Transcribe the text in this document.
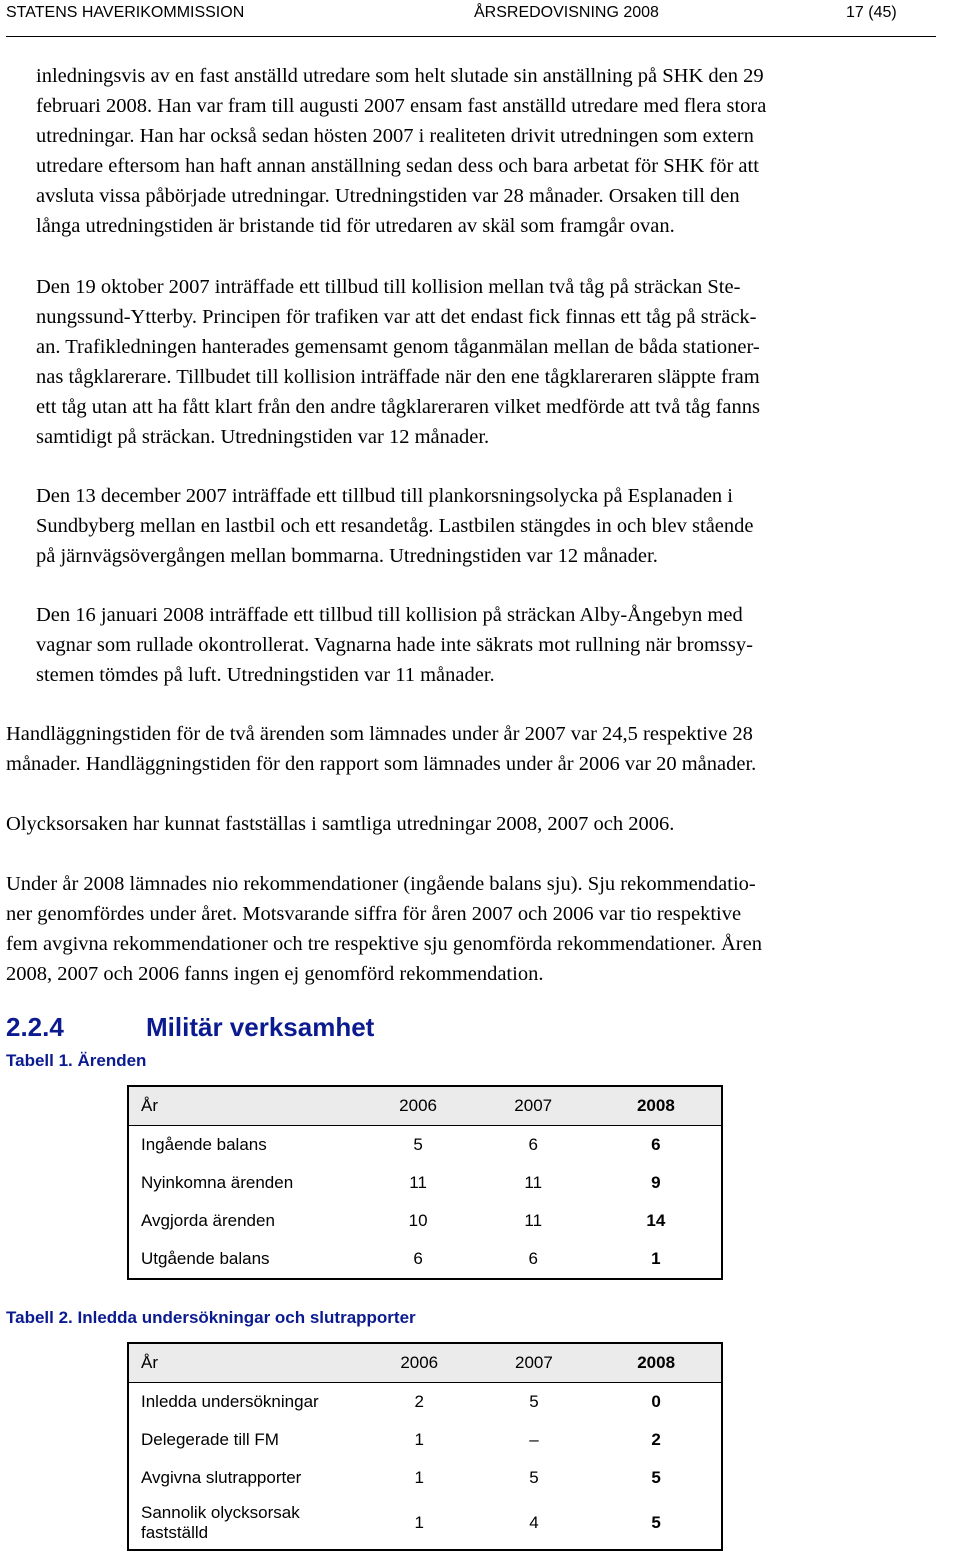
STATENS HAVERIKOMMISSION	ÅRSREDOVISNING 2008	17 (45)
inledningsvis av en fast anställd utredare som helt slutade sin anställning på SHK den 29
februari 2008. Han var fram till augusti 2007 ensam fast anställd utredare med flera stora
utredningar. Han har också sedan hösten 2007 i realiteten drivit utredningen som extern
utredare eftersom han haft annan anställning sedan dess och bara arbetat för SHK för att
avsluta vissa påbörjade utredningar. Utredningstiden var 28 månader. Orsaken till den
långa utredningstiden är bristande tid för utredaren av skäl som framgår ovan.
Den 19 oktober 2007 inträffade ett tillbud till kollision mellan två tåg på sträckan Ste-
nungssund-Ytterby. Principen för trafiken var att det endast fick finnas ett tåg på sträck-
an. Trafikledningen hanterades gemensamt genom tåganmälan mellan de båda stationer-
nas tågklarerare. Tillbudet till kollision inträffade när den ene tågklareraren släppte fram
ett tåg utan att ha fått klart från den andre tågklareraren vilket medförde att två tåg fanns
samtidigt på sträckan. Utredningstiden var 12 månader.
Den 13 december 2007 inträffade ett tillbud till plankorsningsolycka på Esplanaden i
Sundbyberg mellan en lastbil och ett resandetåg. Lastbilen stängdes in och blev stående
på järnvägsövergången mellan bommarna. Utredningstiden var 12 månader.
Den 16 januari 2008 inträffade ett tillbud till kollision på sträckan Alby-Ångebyn med
vagnar som rullade okontrollerat. Vagnarna hade inte säkrats mot rullning när bromssy-
stemen tömdes på luft. Utredningstiden var 11 månader.
Handläggningstiden för de två ärenden som lämnades under år 2007 var 24,5 respektive 28
månader. Handläggningstiden för den rapport som lämnades under år 2006 var 20 månader.
Olycksorsaken har kunnat fastställas i samtliga utredningar 2008, 2007 och 2006.
Under år 2008 lämnades nio rekommendationer (ingående balans sju). Sju rekommendatio-
ner genomfördes under året. Motsvarande siffra för åren 2007 och 2006 var tio respektive
fem avgivna rekommendationer och tre respektive sju genomförda rekommendationer. Åren
2008, 2007 och 2006 fanns ingen ej genomförd rekommendation.
2.2.4	Militär verksamhet
Tabell 1. Ärenden
År	2006	2007	2008
Ingående balans	5	6	6
Nyinkomna ärenden	11	11	9
Avgjorda ärenden	10	11	14
Utgående balans	6	6	1
Tabell 2. Inledda undersökningar och slutrapporter
År	2006	2007	2008
Inledda undersökningar	2	5	0
Delegerade till FM	1	–	2
Avgivna slutrapporter	1	5	5
Sannolik olycksorsak fastställd	1	4	5
